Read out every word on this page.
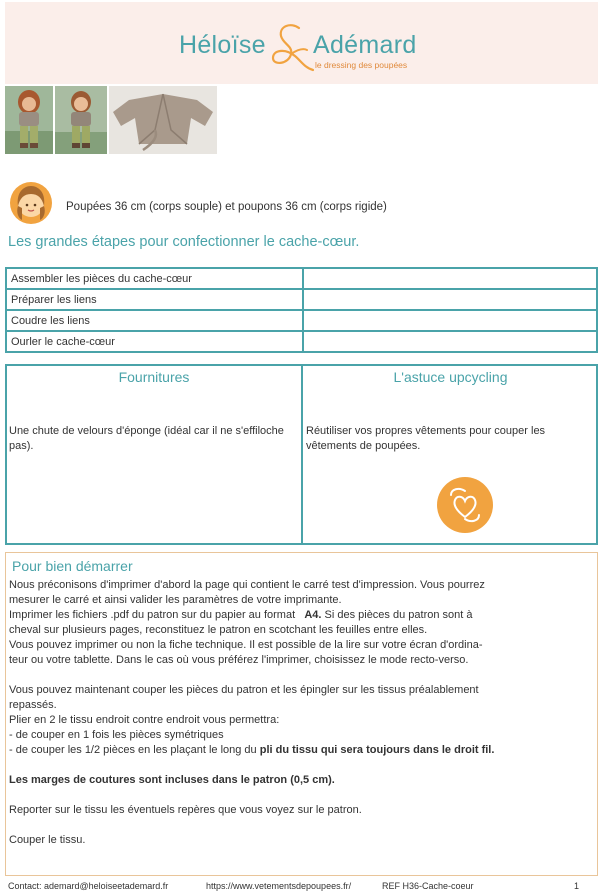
Héloïse Adémard
le dressing des poupées
Poupées 36 cm (corps souple) et poupons 36 cm (corps rigide)
Les grandes étapes pour confectionner le cache-cœur.
Assembler les pièces du cache-cœur	
Préparer les liens	
Coudre les liens	
Ourler le cache-cœur	
Fournitures
Une chute de velours d'éponge (idéal car il ne s'effiloche pas).
L'astuce upcycling
Réutiliser vos propres vêtements pour couper les vêtements de poupées.
Pour bien démarrer

Nous préconisons d'imprimer d'abord la page qui contient le carré test d'impression. Vous pourrez

mesurer le carré et ainsi valider les paramètres de votre imprimante.

Imprimer les fichiers .pdf du patron sur du papier au format A4. Si des pièces du patron sont à

cheval sur plusieurs pages, reconstituez le patron en scotchant les feuilles entre elles.

Vous pouvez imprimer ou non la fiche technique. Il est possible de la lire sur votre écran d'ordina-

teur ou votre tablette. Dans le cas où vous préférez l'imprimer, choisissez le mode recto-verso.

Vous pouvez maintenant couper les pièces du patron et les épingler sur les tissus préalablement

repassés.

Plier en 2 le tissu endroit contre endroit vous permettra:

- de couper en 1 fois les pièces symétriques

- de couper les 1/2 pièces en les plaçant le long du pli du tissu qui sera toujours dans le droit fil.

Les marges de coutures sont incluses dans le patron (0,5 cm).

Reporter sur le tissu les éventuels repères que vous voyez sur le patron.

Couper le tissu.

Contact: ademard@heloiseetademard.fr	https://www.vetementsdepoupees.fr/	REF H36-Cache-coeur	1
